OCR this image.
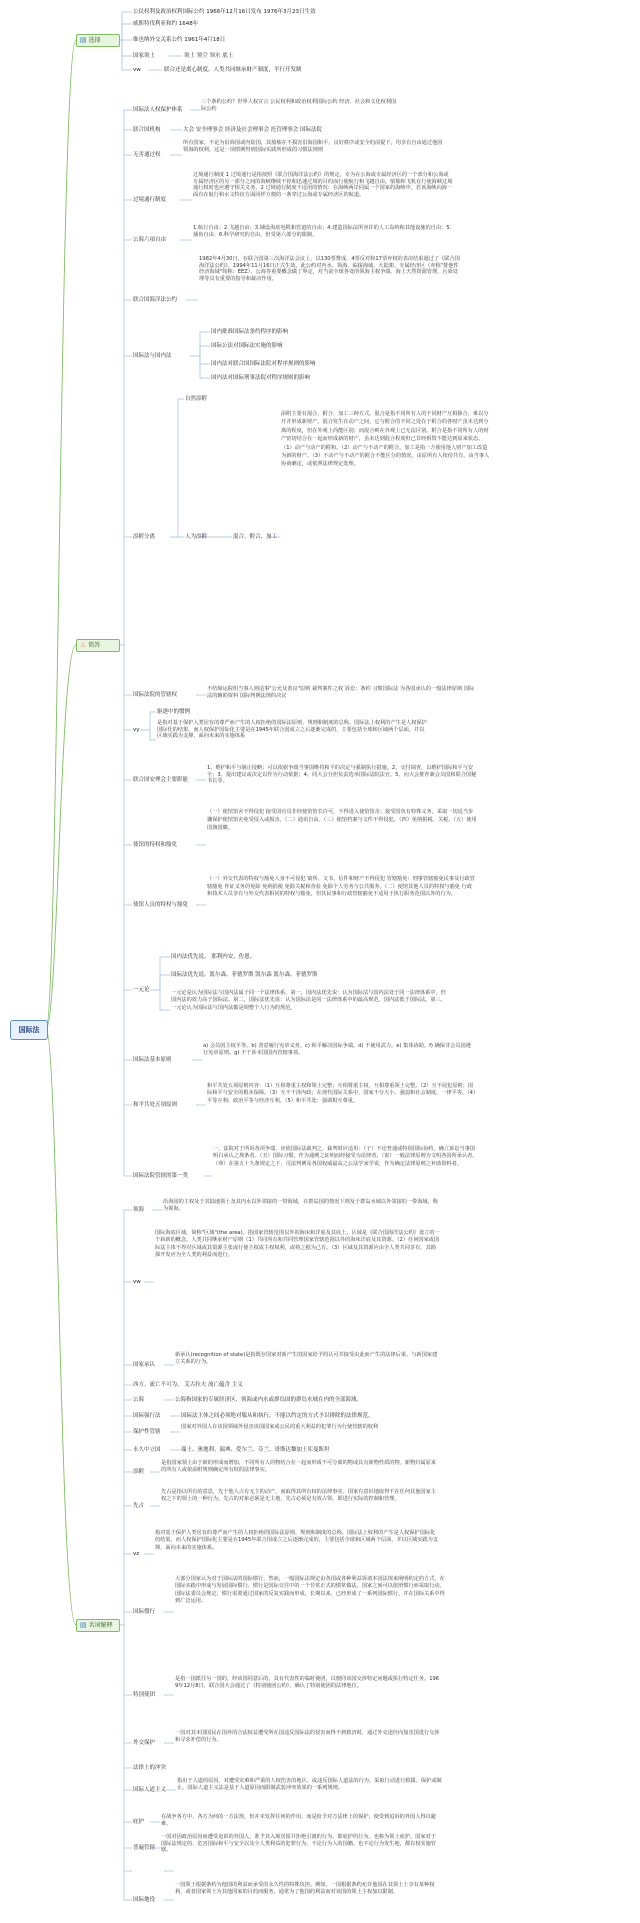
国际法
▤ 选择
♨ 简答
▤ 名词解释
公民权利及政治权利国际公约 1966年12月16日发布 1976年3月23日生效
威斯特伐利亚和约 1648年
维也纳外交关系公约 1961年4月18日
国家领土	领土 领空 领水 底土
vw	联合还是离心制度，人类共同继承财产制度，平行开发制
国际法人权保护体系
三个条约公约？世界人权宣言 公民权利和政治权利国际公约 经济、社会和文化权利国际公约
联合国机构	大会 安全理事会 经济及社会理事会 托管理事会 国际法院
无害通过权
所有国家，不论为沿海国或内陆国，其船舶在不损害沿海国和平、良好秩序或安全的前提下，均享有自由通过他国领海的权利。这是一项惯例得到国际实践所形成的习惯法规则
过境通行制度
过境通行制度 1 过境通行是指按照《联合国海洋法公约》的规定，专为在公海或专属经济区的一个部分和公海或专属经济区的另一部分之间的海峡继续不停和迅速过境的目的而行使航行和飞越自由。船舶和飞机在行使海峡过境通行权时也应遵守相关义务。2 过境通行制度不适用的情况：在海峡两岸同属一个国家的海峡中，若该海峡向海一面有在航行和水文特征方面同样方便的一条穿过公海或专属经济区的航道。
公海六项自由
1.航行自由；2.飞越自由；3.铺设海底电缆和管道的自由；4.建造国际法所容许的人工岛屿和其他设施的自由；5.捕鱼自由；6.科学研究的自由，但受第六部分的限制。
联合国海洋法公约
1982年4月30日，在联合国第三次海洋法会议上，以130票赞成、4票反对和17票弃权的表决结果通过了《联合国海洋法公约》。1994年11月16日正式生效，此公约对内水、领海、临接海域、大陆架、专属经济区（亦称"排他性经济海域"简称：EEZ）、公海等重要概念做了界定，对当前全球各处的领海主权争端、海上天然资源管理、污染处理等具有重要的指导和裁决作用。
国际法与国内法
国内批准国际法条约程序的影响
国际公法对国际法实施的影响
国内法对联合国国际法院对程序规则的影响
国内法对国际刑事法院对程序规则的影响
添附分离
自然添附
人为添附	混合、附合、加工
添附主要有混合、附合、加工三种方式。混合是指不同所有人的不同财产互相掺合，难以分开并形成新财产。混合发生在动产之间，它与附合的不同之处在于附合的各财产虽未达到分离的程度，但在外观上尚能区别；而混合则在外观上已无法区别。附合是指不同所有人的财产密切结合在一起而形成新的财产，虽未达到混合程度但已非经拆毁不能达到原来状态。（1）动产与动产的附和。（2）动产与不动产的附合。加工是指一方使用他人财产加工改造为新的财产。（3）不动产与不动产的附合不能区分的情况，由原所有人按份共有，由当事人协商确定，或依照法律规定处理。
国际法院的管辖权
不结缔运院组当事人则适事"公允及善良"原则 裁判案件之权 诉讼：条约 习惯国际法 为各国承认的一般法律原则 国际法的辅助资料 国际判例法规的决议
vy
驱逐中的惯例
是指对基于保护人类居有的尊严而产生的人权拒绝的国际法原则，规则和制度的总称。国际法上权利的产生是人权保护国际化的结果，而人权保护国际化主要是在1945年联合国成立之后逐渐完成的，主要包括全球和区域两个层面，并以区域实践为支撑，面向未来的实施体系
联合国安理会主要职能
1、维护和平与制止侵略；可以依据争端当事国维持和平的决定与强制执行措施。2、交付调查，以维护国际和平与安全；3、提出建议或决定以作为行动依据；4、同大会分担负责选举国际法院法官。5、向大会推荐新会员国和联合国秘书长等。
使馆的特权和豁免
（一）使馆馆舍不得侵犯 接受国官员非经使馆馆长许可，不得进入使馆馆舍；接受国负有特殊义务，采取一切适当步骤保护使馆馆舍免受侵入或损害。（二）通讯自由。（三）使馆档案与文件不得侵犯。（四）免纳捐税、关税。（五）使用国旗国徽。
使馆人员的特权与豁免
（一）外交代表的特权与豁免人身不可侵犯 寓所、文书、信件和财产不得侵犯 管辖豁免：刑事管辖豁免民事及行政管辖豁免 作证义务的免除 免纳捐税 免除关税和查验 免除个人劳务与公共服务。（二）使馆其他人员的特权与豁免 行政和技术人员享有与外交代表相同的特权与豁免，但其民事和行政管辖豁免不适用于执行职务范围以外的行为。
一元论
国内法优先说、 那利内安、佐恩。
国际法优先说、凯尔森、菲德罗斯 凯尔森 凯尔森、菲德罗斯
一元论是认为国际法与国内法属于同一个法律体系。第一，国内法优先说：认为国际法与国内法处于同一法律体系中，但国内法的效力高于国际法。第二，国际法优先说：认为国际法是同一法律体系中的最高规范，国内法低于国际法。第三，一元论认为国际法与国内法都是调整个人行为的规范。
国际法基本原则
a) 会员国主权平等。b) 善意履行宪章义务。c) 和平解决国际争端。d) 不使用武力。e) 集体协助。f) 确保非会员国遵行宪章原则。g) 不干涉本国国内管辖事项。
和平共处五项原则
和平共处五项原则内容：（1）互相尊重主权和领土完整；互相尊重主权、互相尊重领土完整。（2）互不侵犯原则；国际和平与安全的根本保障。（3）互不干涉内政；在现代国际关系中，国家不分大小、强弱和社会制度，一律平等。（4）平等互利；政治平等与经济互利。（5）和平共处：强调相互尊重。
国际法院管辖的第一类
一、法院对于所诉各项争端，应依国际法裁判之，裁判时应适用：（子）不论普通或特别国际协约，确立诉讼当事国明白承认之规条者。（丑）国际习惯，作为通例之证明而经接受为法律者。（寅）一般法律原则为文明各国所承认者。（卯）在第五十九条规定之下，司法判例及各国权威最高之公法学家学说，作为确定法律原则之补助资料者。
领海
沿海国的主权及于其陆地领土及其内水以外邻接的一带海域，在群岛国的情况下则及于群岛水域以外邻接的一带海域，称为领海。
vw
国际海底区域，简称"区域"(the area)，指国家管辖范围以外的海床和洋底及其底土。区域是《联合国海洋法公约》设立的一个崭新的概念。人类共同继承财产原则（1）共同所有和共同管理国家管辖范围以外的海床洋底及其资源。（2）任何国家或国际法主体不得对区域或其资源主张或行使主权或主权权利，或将之据为己有。（3）区域及其资源应由全人类共同享有，其勘探开发应为全人类的利益而进行。
国家承认
新承认(recognition of state)是指既存国家对新产生的国家给予的认可并接受由此而产生的法律后果。与新国家建立关系的行为。
西方。流亡不可为。 艾古拉夫 流亡蕴含 主义
公海	公海指国家的专属经济区、领海或内水或群岛国的群岛水域在内的全部海域。
国际强行法	国际法主体之间必须绝对服从和执行，不能以约定的方式予以排除的法律规范。
保护性管辖
国家对外国人在该国领域外侵害该国国家或公民的重大利益的犯罪行为行使管辖的权利
永久中立国	瑞士、奥地利、瑞典、爱尔兰、芬兰、哥斯达黎加土库曼斯坦
添附
是指国家领土由于新的形成而增加，不同所有人的物结合在一起而形成不可分离的物或具有新物性质的物。新物归属原来的所有人或依添附规则确定所有权的法律事实。
先占
先占是指以所有的意思，先于他人占有无主的动产，而取得其所有权的法律事实。国家有意识地取得不在任何其他国家主权之下的领土的一种行为。先占的对象必须是无主地，先占必须是有效占领，即进行实际的控制和管理。
vz
指对基于保护人类居有的尊严而产生的人权拒绝的国际法原则，规则和制度的总称。国际法上权利的产生是人权保护国际化的结果，而人权保护国际化主要是在1945年联合国成立之后逐渐完成的，主要包括全球和区域两个层面，并以区域实践为支撑，面向未来的实施体系。
国际惯行
大部分国家认为对于国际法的国际惯行，然而，一般国际法规定由各国或各种利益诉诸本国法规来阐明约定的方式，在国际实践中形成与发展国际惯行。惯行是国际交往中的一个非常正式的惯常做法，国家之间可以依照惯行而采取行动。国际法委员会规定，惯行需要通过国家的反复实践而形成，长期以来，已经形成了一系列国际惯行，并在国际关系中得到广泛运用。
特别使团
是指一国派往另一国的，经该国同意后的，具有代表性的临时使团，以便同该国交涉特定问题或执行特定任务。1969年12月8日，联合国大会通过了《特别使团公约》，确认了特别使团的法律地位。
外交保护
一国对其本国国民在国外的合法权益遭受所在国违反国际法的侵害而得不到救济时，通过外交途径向加害国进行交涉和寻求补偿的行为。
法律上的冲突
国际人道主义
指出于人道的原因，对遭受灾难和严重的人权伤害的地区，或违反国际人道法的行为，采取行动进行救援、保护或制止。国际人道主义法是基于人道原因而限制武装冲突效果的一系列规则。
庇护
在战争各方中，各方为何的一方法规，但并未发挥任何的作用，而是给予对方法律上的保护，使受到追诉的外国人得以避难。
普遍管辖
一国对因政治原因而遭受追诉的外国人，准予其入境居留并拒绝引渡的行为。即庇护的行为。也称为领土庇护。国家对于国际法规定的、危害国际和平与安全以及全人类利益的犯罪行为，不论行为人的国籍，也不论行为发生地，都有权实施管辖。
国际地役
一国领土根据条约为他国的利益而承受的永久性的特殊负担。例如，一国根据条约允许他国在其领土上享有某种权利，或者国家领土为其他国家的目的而服务，通常为了他国的利益而对该国的领土主权加以限制。
